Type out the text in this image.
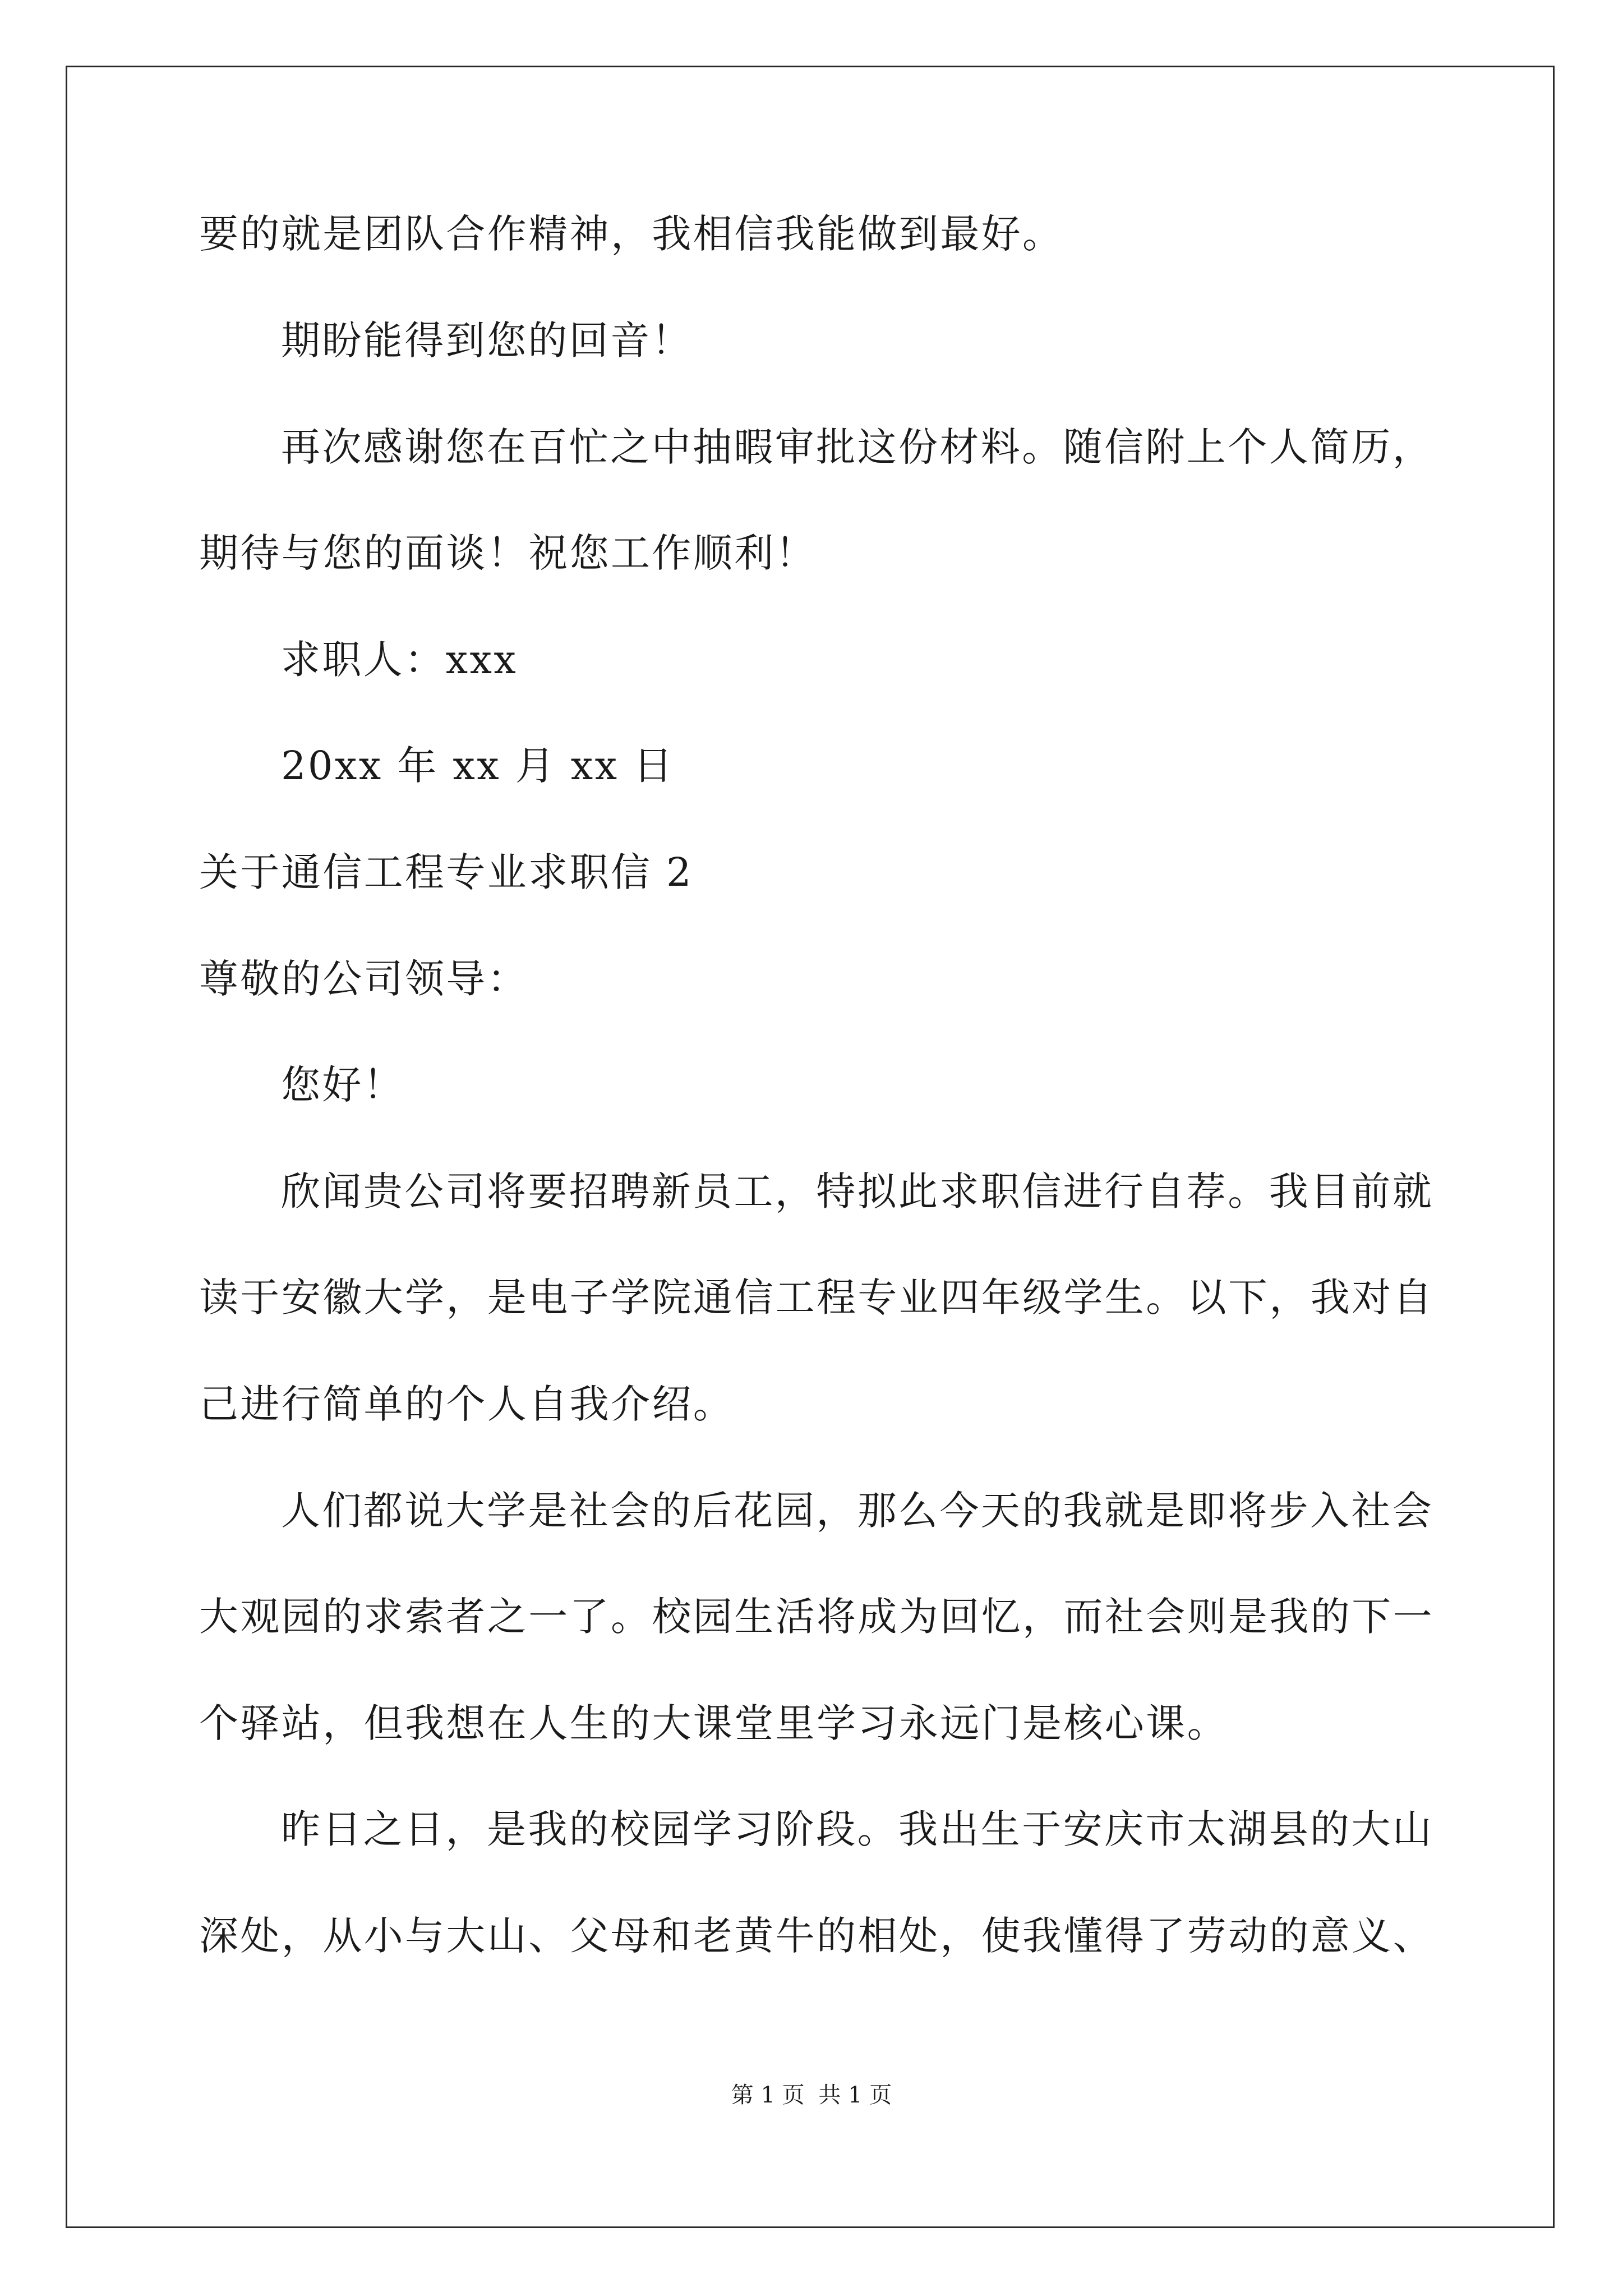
要的就是团队合作精神，我相信我能做到最好。
期盼能得到您的回音！
再次感谢您在百忙之中抽暇审批这份材料。随信附上个人简历，
期待与您的面谈！祝您工作顺利！
求职人：xxx
20xx 年 xx 月 xx 日
关于通信工程专业求职信 2
尊敬的公司领导：
您好！
欣闻贵公司将要招聘新员工，特拟此求职信进行自荐。我目前就
读于安徽大学，是电子学院通信工程专业四年级学生。以下，我对自
己进行简单的个人自我介绍。
人们都说大学是社会的后花园，那么今天的我就是即将步入社会
大观园的求索者之一了。校园生活将成为回忆，而社会则是我的下一
个驿站，但我想在人生的大课堂里学习永远门是核心课。
昨日之日，是我的校园学习阶段。我出生于安庆市太湖县的大山
深处，从小与大山、父母和老黄牛的相处，使我懂得了劳动的意义、
第 1 页 共 1 页
